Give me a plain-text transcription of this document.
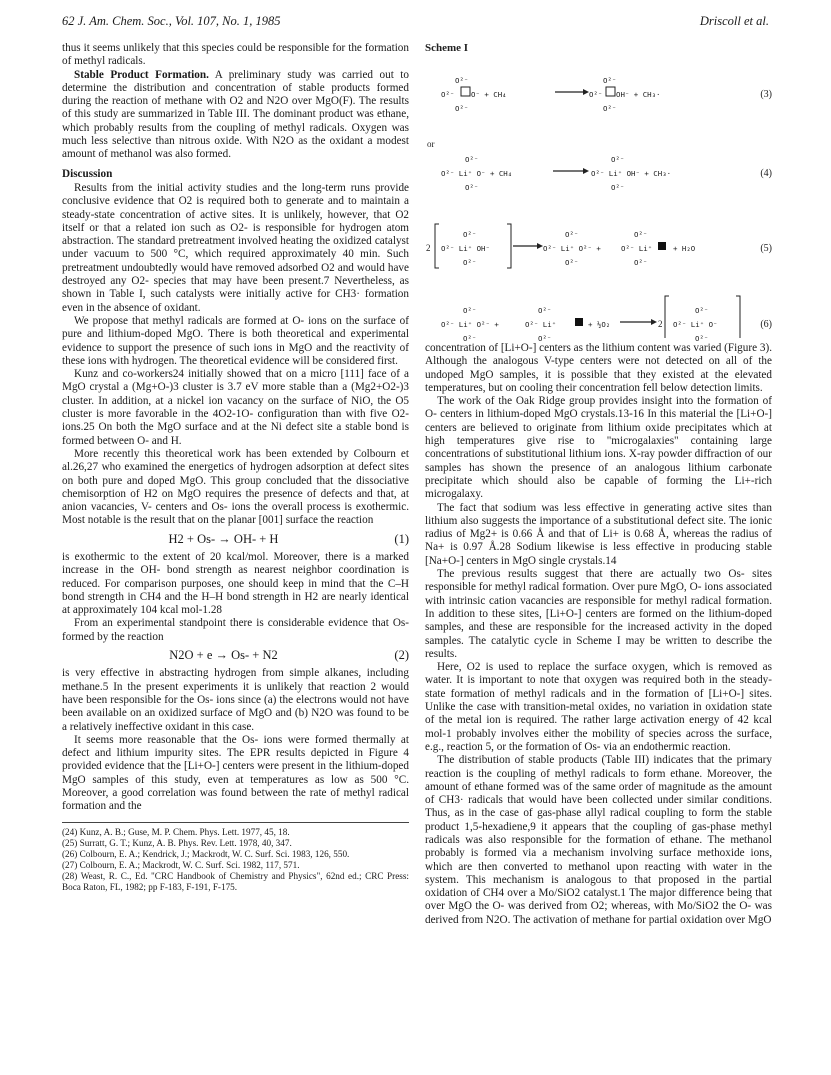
62 J. Am. Chem. Soc., Vol. 107, No. 1, 1985	Driscoll et al.

thus it seems unlikely that this species could be responsible for the formation of methyl radicals.

Stable Product Formation. A preliminary study was carried out to determine the distribution and concentration of stable products formed during the reaction of methane with O2 and N2O over MgO(F). The results of this study are summarized in Table III. The dominant product was ethane, which probably results from the coupling of methyl radicals. Oxygen was much less selective than nitrous oxide. With N2O as the oxidant a modest amount of methanol was also formed.

Discussion

Results from the initial activity studies and the long-term runs provide conclusive evidence that O2 is required both to generate and to maintain a steady-state concentration of active sites. It is unlikely, however, that O2 itself or that a related ion such as O2- is responsible for hydrogen atom abstraction. The standard pretreatment involved heating the oxidized catalyst under vacuum to 500 °C, which required approximately 40 min. Such pretreatment undoubtedly would have removed adsorbed O2 and would have destroyed any O2- species that may have been present.7 Nevertheless, as shown in Table I, such catalysts were initially active for CH3· formation even in the absence of oxidant.

We propose that methyl radicals are formed at O- ions on the surface of pure and lithium-doped MgO. There is both theoretical and experimental evidence to support the presence of such ions in MgO and the reactivity of these ions with hydrogen. The theoretical evidence will be considered first.

Kunz and co-workers24 initially showed that on a micro [111] face of a MgO crystal a (Mg+O-)3 cluster is 3.7 eV more stable than a (Mg2+O2-)3 cluster. In addition, at a nickel ion vacancy on the surface of NiO, the O5 cluster is more favorable in the 4O2-1O- configuration than with five O2- ions.25 On both the MgO surface and at the Ni defect site a stable bond is formed between O- and H.

More recently this theoretical work has been extended by Colbourn et al.26,27 who examined the energetics of hydrogen adsorption at defect sites on both pure and doped MgO. This group concluded that the dissociative chemisorption of H2 on MgO requires the presence of defects and that, at anion vacancies, V- centers and Os- ions the overall process is exothermic. Most notable is the result that on the planar [001] surface the reaction

H2 + Os- → OH- + H	(1)

is exothermic to the extent of 20 kcal/mol. Moreover, there is a marked increase in the OH- bond strength as nearest neighbor coordination is reduced. For comparison purposes, one should keep in mind that the C–H bond strength in CH4 and the H–H bond strength in H2 are nearly identical at approximately 104 kcal mol-1.28

From an experimental standpoint there is considerable evidence that Os- formed by the reaction

N2O + e → Os- + N2	(2)

is very effective in abstracting hydrogen from simple alkanes, including methane.5 In the present experiments it is unlikely that reaction 2 would have been responsible for the Os- ions since (a) the electrons would not have been available on an oxidized surface of MgO and (b) N2O was found to be a relatively ineffective oxidant in this case.

It seems more reasonable that the Os- ions were formed thermally at defect and lithium impurity sites. The EPR results depicted in Figure 4 provided evidence that the [Li+O-] centers were present in the lithium-doped MgO samples of this study, even at temperatures as low as 500 °C. Moreover, a good correlation was found between the rate of methyl radical formation and the

(24) Kunz, A. B.; Guse, M. P. Chem. Phys. Lett. 1977, 45, 18.
(25) Surratt, G. T.; Kunz, A. B. Phys. Rev. Lett. 1978, 40, 347.
(26) Colbourn, E. A.; Kendrick, J.; Mackrodt, W. C. Surf. Sci. 1983, 126, 550.
(27) Colbourn, E. A.; Mackrodt, W. C. Surf. Sci. 1982, 117, 571.
(28) Weast, R. C., Ed. "CRC Handbook of Chemistry and Physics", 62nd ed.; CRC Press: Boca Raton, FL, 1982; pp F-183, F-191, F-175.
Scheme I
O²⁻	O²⁻
O²⁻ O⁻ + CH₄	O²⁻ OH⁻ + CH₃·
O²⁻	O²⁻
(3)
or
O²⁻	O²⁻
O²⁻ Li⁺ O⁻ + CH₄	O²⁻ Li⁺ OH⁻ + CH₃·
O²⁻	O²⁻
(4)
2
O²⁻
O²⁻ Li⁺ OH⁻
O²⁻
O²⁻
O²⁻ Li⁺ O²⁻ +
O²⁻
O²⁻
O²⁻ Li⁺
O²⁻
+ H₂O	(5)
O²⁻
O²⁻ Li⁺ O²⁻ +
O²⁻
O²⁻
O²⁻ Li⁺
O²⁻
+ ½O₂	2
O²⁻
O²⁻ Li⁺ O⁻
O²⁻
(6)

concentration of [Li+O-] centers as the lithium content was varied (Figure 3). Although the analogous V-type centers were not detected on all of the undoped MgO samples, it is possible that they existed at the elevated temperatures, but on cooling their concentration fell below detection limits.

The work of the Oak Ridge group provides insight into the formation of O- centers in lithium-doped MgO crystals.13-16 In this material the [Li+O-] centers are believed to originate from lithium oxide precipitates which at high temperatures give rise to "microgalaxies" containing large concentrations of substitutional lithium ions. X-ray powder diffraction of our samples has shown the presence of an analogous lithium carbonate precipitate which should also be capable of forming the Li+-rich microgalaxy.

The fact that sodium was less effective in generating active sites than lithium also suggests the importance of a substitutional defect site. The ionic radius of Mg2+ is 0.66 Å and that of Li+ is 0.68 Å, whereas the radius of Na+ is 0.97 Å.28 Sodium likewise is less effective in producing stable [Na+O-] centers in MgO single crystals.14

The previous results suggest that there are actually two Os- sites responsible for methyl radical formation. Over pure MgO, O- ions associated with intrinsic cation vacancies are responsible for methyl radical formation. In addition to these sites, [Li+O-] centers are formed on the lithium-doped samples, and these are responsible for the increased activity in the doped samples. The catalytic cycle in Scheme I may be written to describe the results.

Here, O2 is used to replace the surface oxygen, which is removed as water. It is important to note that oxygen was required both in the steady-state formation of methyl radicals and in the formation of [Li+O-] sites. Unlike the case with transition-metal oxides, no variation in oxidation state of the metal ion is required. The rather large activation energy of 42 kcal mol-1 probably involves either the mobility of species across the surface, e.g., reaction 5, or the formation of Os- via an endothermic reaction.

The distribution of stable products (Table III) indicates that the primary reaction is the coupling of methyl radicals to form ethane. Moreover, the amount of ethane formed was of the same order of magnitude as the amount of CH3· radicals that would have been collected under similar conditions. Thus, as in the case of gas-phase allyl radical coupling to form the stable product 1,5-hexadiene,9 it appears that the coupling of gas-phase methyl radicals was also responsible for the formation of ethane. The methanol probably is formed via a mechanism involving surface methoxide ions, which are then converted to methanol upon reacting with water in the system. This mechanism is analogous to that proposed in the partial oxidation of CH4 over a Mo/SiO2 catalyst.1 The major difference being that over MgO the O- was derived from O2; whereas, with Mo/SiO2 the O- was derived from N2O. The activation of methane for partial oxidation over MgO
